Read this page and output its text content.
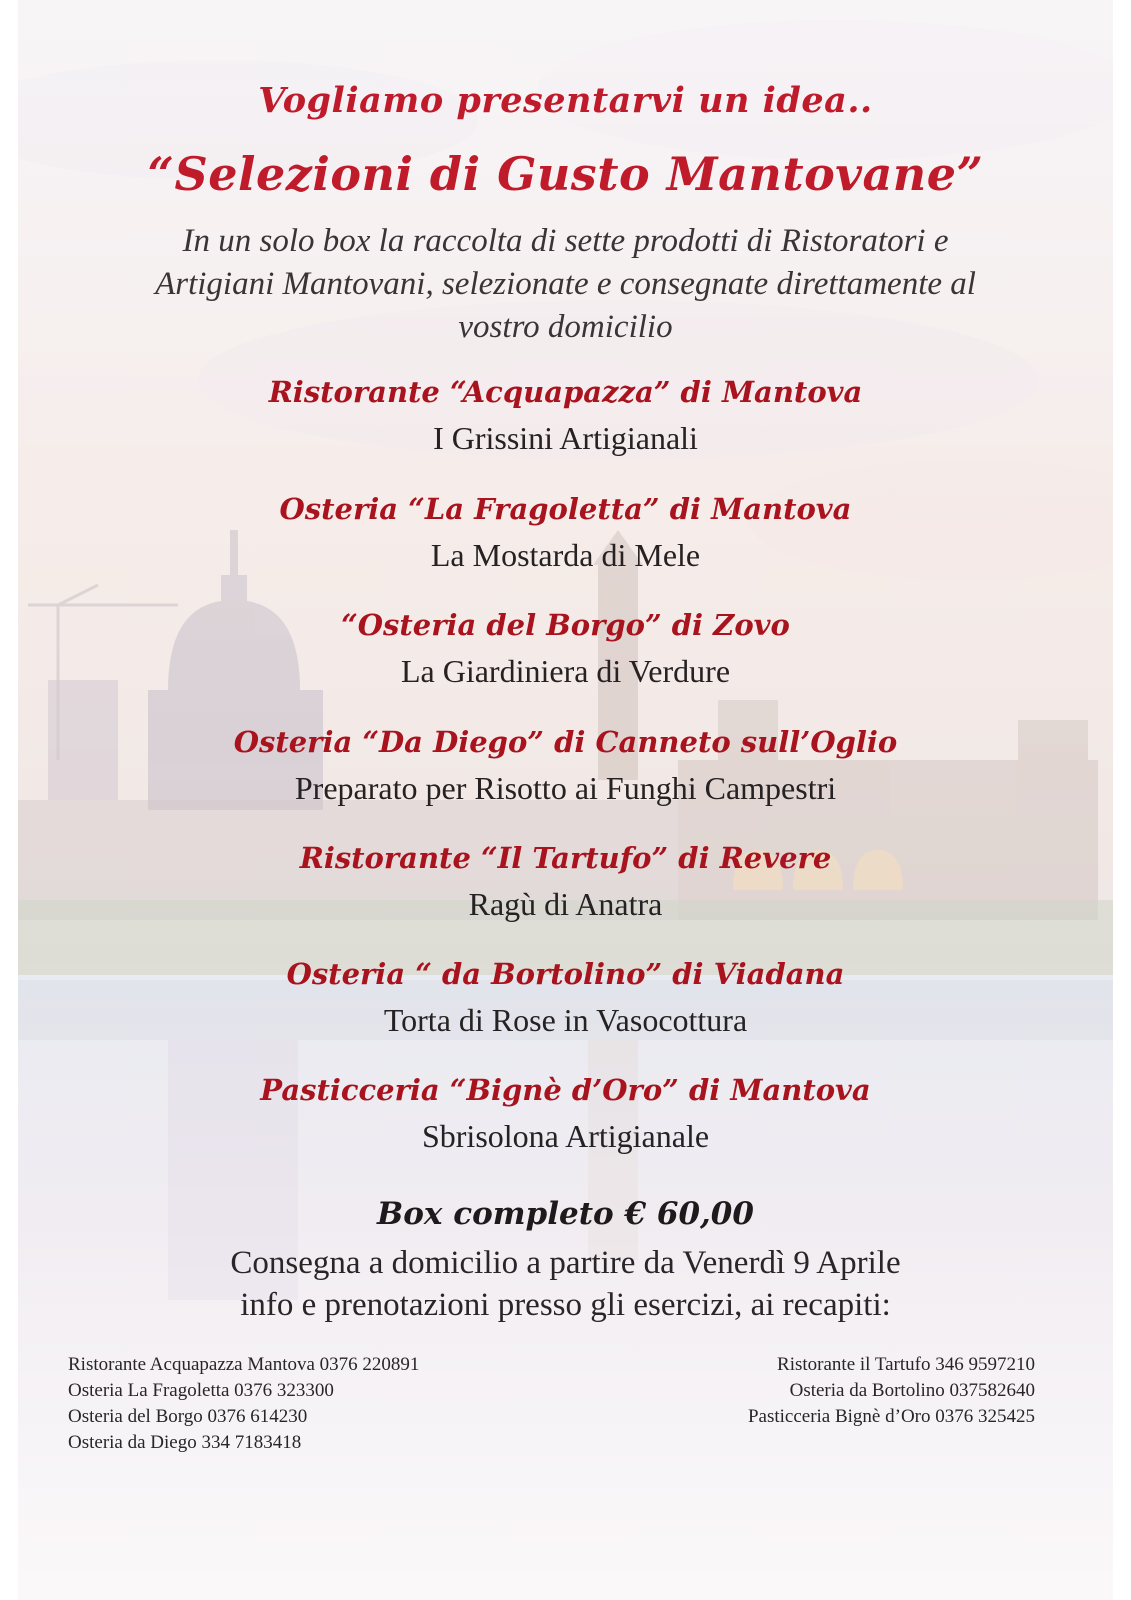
Vogliamo presentarvi un idea..
“Selezioni di Gusto Mantovane”
In un solo box la raccolta di sette prodotti di Ristoratori e
Artigiani Mantovani, selezionate e consegnate direttamente al
vostro domicilio
Ristorante “Acquapazza” di Mantova
I Grissini Artigianali
Osteria “La Fragoletta” di Mantova
La Mostarda di Mele
“Osteria del Borgo” di Zovo
La Giardiniera di Verdure
Osteria “Da Diego” di Canneto sull’Oglio
Preparato per Risotto ai Funghi Campestri
Ristorante “Il Tartufo” di Revere
Ragù di Anatra
Osteria “ da Bortolino” di Viadana
Torta di Rose in Vasocottura
Pasticceria “Bignè d’Oro” di Mantova
Sbrisolona Artigianale
Box completo € 60,00
Consegna a domicilio a partire da Venerdì 9 Aprile
info e prenotazioni presso gli esercizi, ai recapiti:
Ristorante Acquapazza Mantova 0376 220891
Osteria La Fragoletta 0376 323300
Osteria del Borgo 0376 614230
Osteria da Diego 334 7183418
Ristorante il Tartufo 346 9597210
Osteria da Bortolino 037582640
Pasticceria Bignè d’Oro 0376 325425
